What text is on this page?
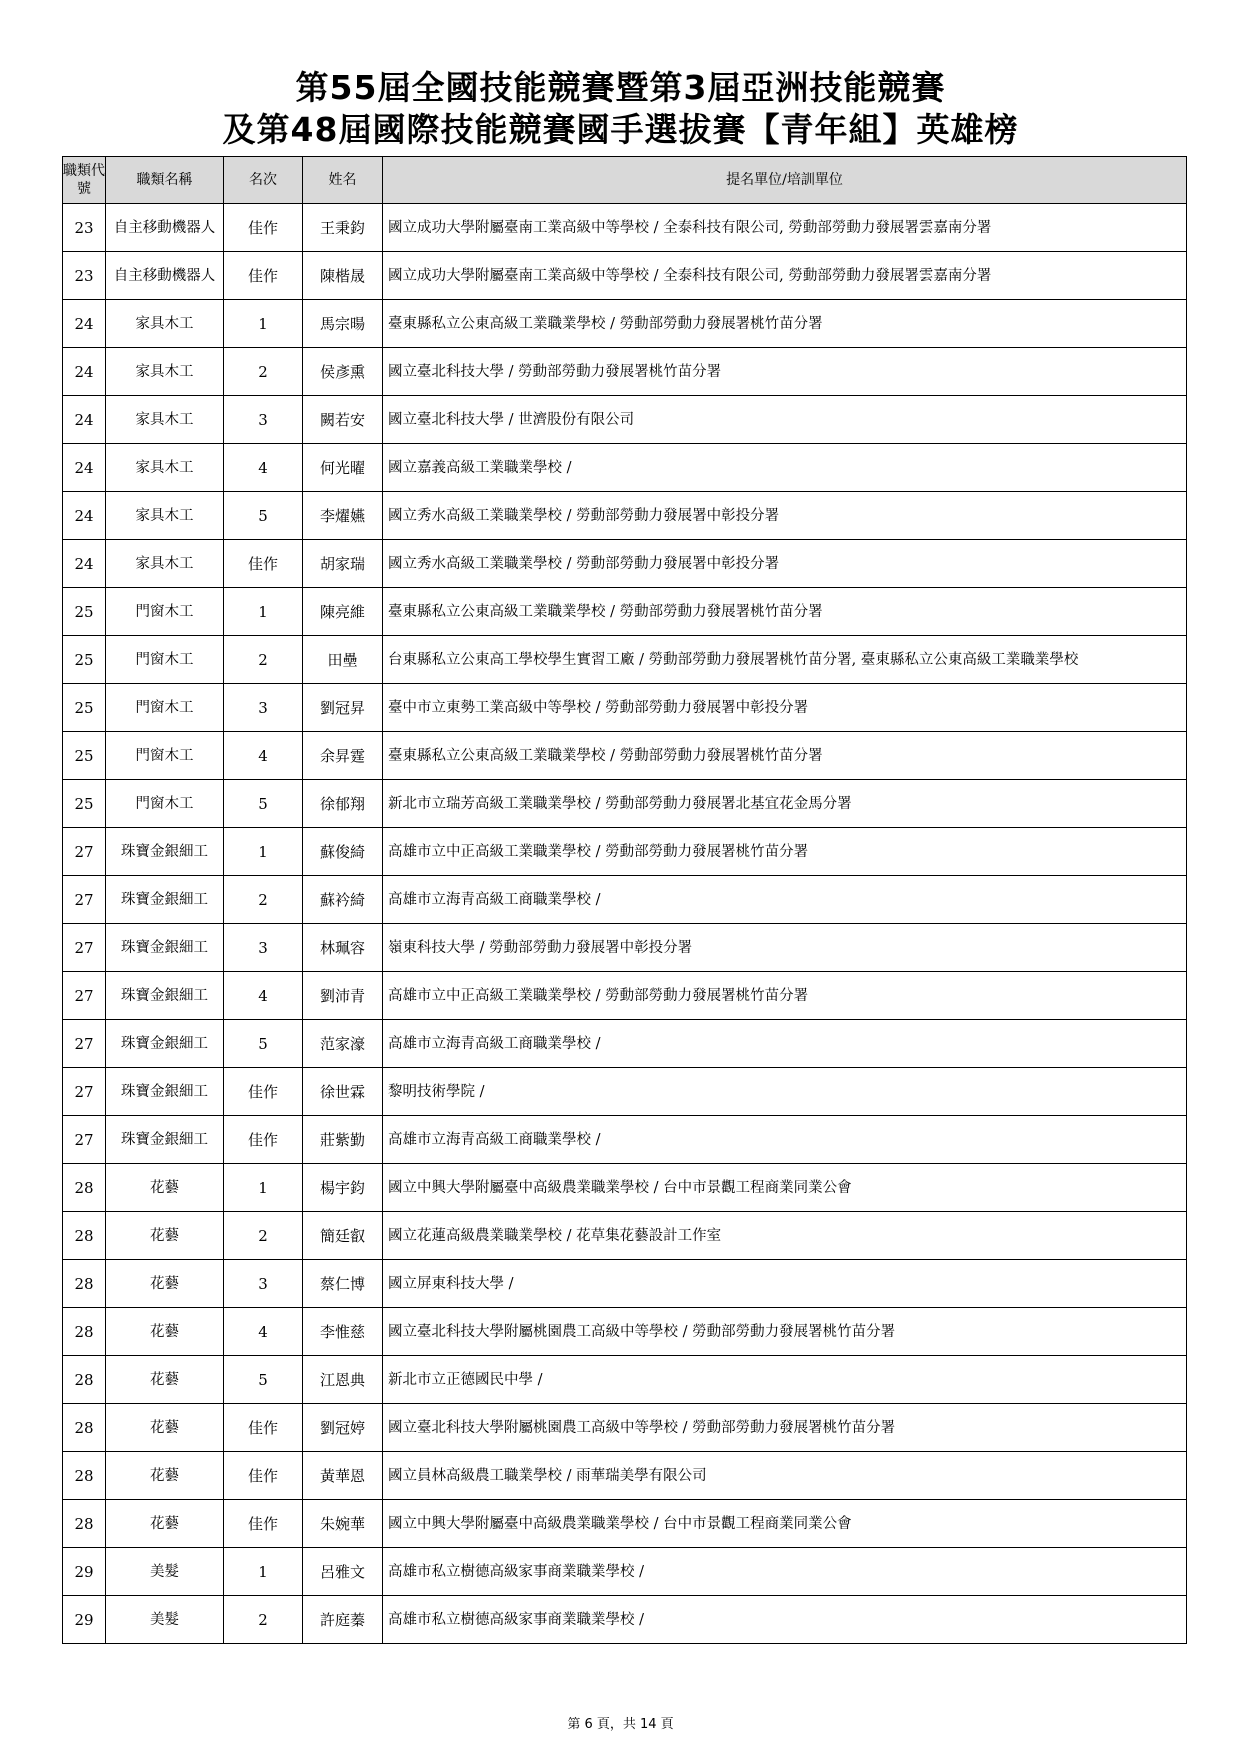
第55屆全國技能競賽暨第3屆亞洲技能競賽
及第48屆國際技能競賽國手選拔賽【青年組】英雄榜
職類代號	職類名稱	名次	姓名	提名單位/培訓單位
23	自主移動機器人	佳作	王秉鈞	國立成功大學附屬臺南工業高級中等學校 / 全泰科技有限公司, 勞動部勞動力發展署雲嘉南分署
23	自主移動機器人	佳作	陳楷晟	國立成功大學附屬臺南工業高級中等學校 / 全泰科技有限公司, 勞動部勞動力發展署雲嘉南分署
24	家具木工	1	馬宗暘	臺東縣私立公東高級工業職業學校 / 勞動部勞動力發展署桃竹苗分署
24	家具木工	2	侯彥熏	國立臺北科技大學 / 勞動部勞動力發展署桃竹苗分署
24	家具木工	3	闕若安	國立臺北科技大學 / 世濟股份有限公司
24	家具木工	4	何光曜	國立嘉義高級工業職業學校 /
24	家具木工	5	李燿嬿	國立秀水高級工業職業學校 / 勞動部勞動力發展署中彰投分署
24	家具木工	佳作	胡家瑞	國立秀水高級工業職業學校 / 勞動部勞動力發展署中彰投分署
25	門窗木工	1	陳亮維	臺東縣私立公東高級工業職業學校 / 勞動部勞動力發展署桃竹苗分署
25	門窗木工	2	田壘	台東縣私立公東高工學校學生實習工廠 / 勞動部勞動力發展署桃竹苗分署, 臺東縣私立公東高級工業職業學校
25	門窗木工	3	劉冠昇	臺中市立東勢工業高級中等學校 / 勞動部勞動力發展署中彰投分署
25	門窗木工	4	余昇霆	臺東縣私立公東高級工業職業學校 / 勞動部勞動力發展署桃竹苗分署
25	門窗木工	5	徐郁翔	新北市立瑞芳高級工業職業學校 / 勞動部勞動力發展署北基宜花金馬分署
27	珠寶金銀細工	1	蘇俊綺	高雄市立中正高級工業職業學校 / 勞動部勞動力發展署桃竹苗分署
27	珠寶金銀細工	2	蘇衿綺	高雄市立海青高級工商職業學校 /
27	珠寶金銀細工	3	林珮容	嶺東科技大學 / 勞動部勞動力發展署中彰投分署
27	珠寶金銀細工	4	劉沛青	高雄市立中正高級工業職業學校 / 勞動部勞動力發展署桃竹苗分署
27	珠寶金銀細工	5	范家濠	高雄市立海青高級工商職業學校 /
27	珠寶金銀細工	佳作	徐世霖	黎明技術學院 /
27	珠寶金銀細工	佳作	莊紫勤	高雄市立海青高級工商職業學校 /
28	花藝	1	楊宇鈞	國立中興大學附屬臺中高級農業職業學校 / 台中市景觀工程商業同業公會
28	花藝	2	簡廷叡	國立花蓮高級農業職業學校 / 花草集花藝設計工作室
28	花藝	3	蔡仁博	國立屏東科技大學 /
28	花藝	4	李惟慈	國立臺北科技大學附屬桃園農工高級中等學校 / 勞動部勞動力發展署桃竹苗分署
28	花藝	5	江恩典	新北市立正德國民中學 /
28	花藝	佳作	劉冠婷	國立臺北科技大學附屬桃園農工高級中等學校 / 勞動部勞動力發展署桃竹苗分署
28	花藝	佳作	黃華恩	國立員林高級農工職業學校 / 雨華瑞美學有限公司
28	花藝	佳作	朱婉華	國立中興大學附屬臺中高級農業職業學校 / 台中市景觀工程商業同業公會
29	美髮	1	呂雅文	高雄市私立樹德高級家事商業職業學校 /
29	美髮	2	許庭蓁	高雄市私立樹德高級家事商業職業學校 /
第 6 頁，共 14 頁
